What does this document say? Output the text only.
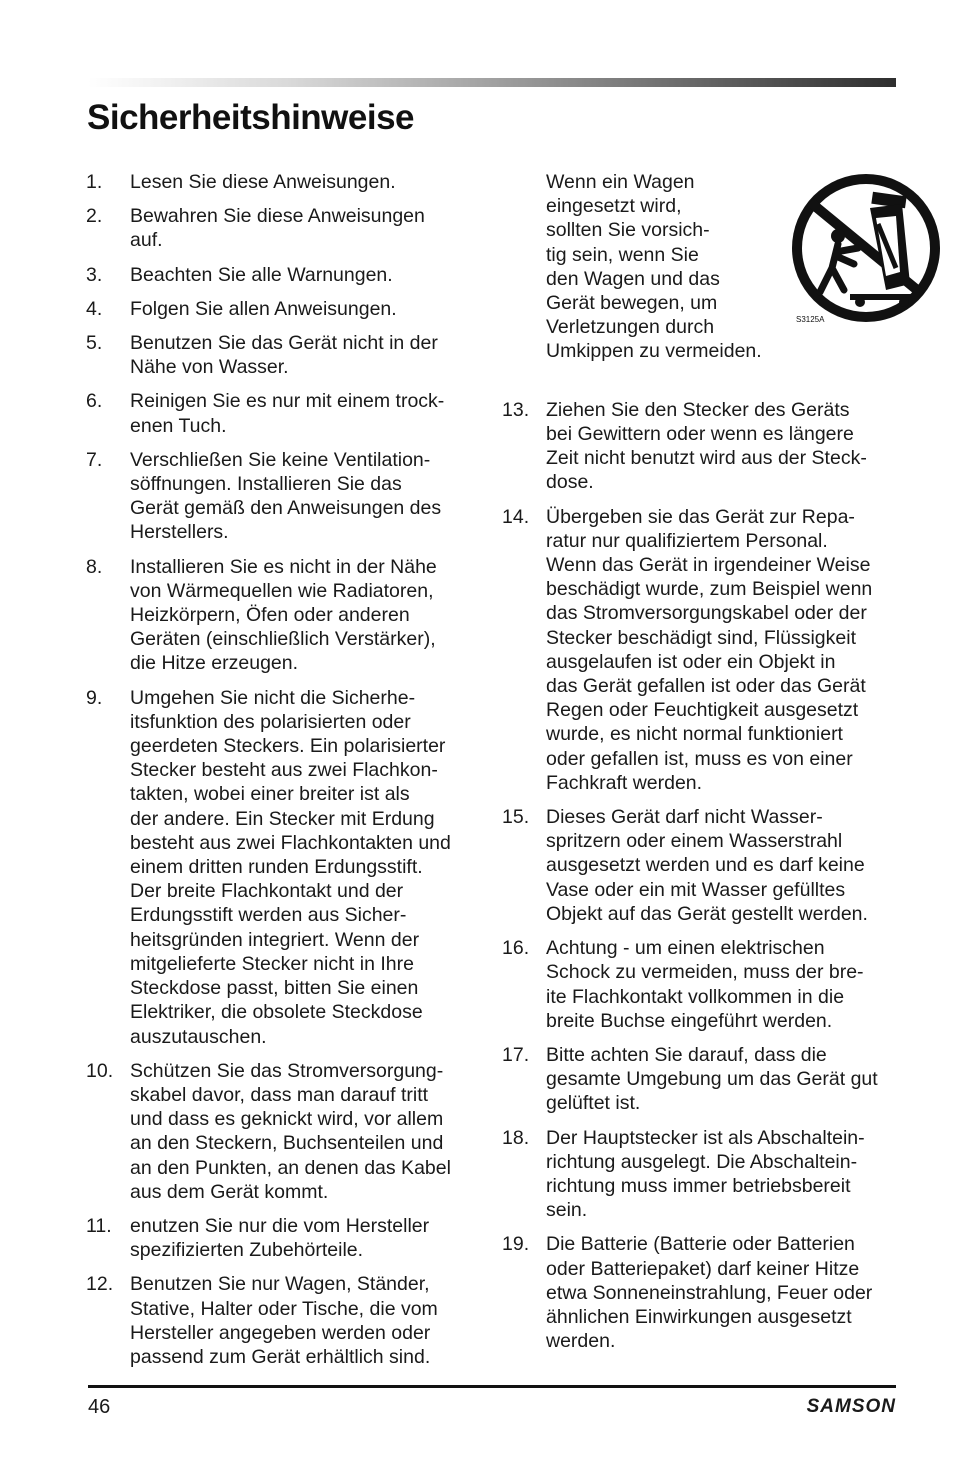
Sicherheitshinweise
1.	Lesen Sie diese Anweisungen.
2.	Bewahren Sie diese Anweisungen
auf.
3.	Beachten Sie alle Warnungen.
4.	Folgen Sie allen Anweisungen.
5.	Benutzen Sie das Gerät nicht in der
Nähe von Wasser.
6.	Reinigen Sie es nur mit einem trock-
enen Tuch.
7.	Verschließen Sie keine Ventilation-
söffnungen. Installieren Sie das
Gerät gemäß den Anweisungen des
Herstellers.
8.	Installieren Sie es nicht in der Nähe
von Wärmequellen wie Radiatoren,
Heizkörpern, Öfen oder anderen
Geräten (einschließlich Verstärker),
die Hitze erzeugen.
9.	Umgehen Sie nicht die Sicherhe-
itsfunktion des polarisierten oder
geerdeten Steckers. Ein polarisierter
Stecker besteht aus zwei Flachkon-
takten, wobei einer breiter ist als
der andere. Ein Stecker mit Erdung
besteht aus zwei Flachkontakten und
einem dritten runden Erdungsstift.
Der breite Flachkontakt und der
Erdungsstift werden aus Sicher-
heitsgründen integriert. Wenn der
mitgelieferte Stecker nicht in Ihre
Steckdose passt, bitten Sie einen
Elektriker, die obsolete Steckdose
auszutauschen.
10. Schützen Sie das Stromversorgung-
skabel davor, dass man darauf tritt
und dass es geknickt wird, vor allem
an den Steckern, Buchsenteilen und
an den Punkten, an denen das Kabel
aus dem Gerät kommt.
11. enutzen Sie nur die vom Hersteller
spezifizierten Zubehörteile.
12. Benutzen Sie nur Wagen, Ständer,
Stative, Halter oder Tische, die vom
Hersteller angegeben werden oder
passend zum Gerät erhältlich sind.
Wenn ein Wagen
eingesetzt wird,
sollten Sie vorsich-
tig sein, wenn Sie
den Wagen und das
Gerät bewegen, um
Verletzungen durch
Umkippen zu vermeiden.

S3125A

13. Ziehen Sie den Stecker des Geräts
bei Gewittern oder wenn es längere
Zeit nicht benutzt wird aus der Steck-
dose.
14. Übergeben sie das Gerät zur Repa-
ratur nur qualifiziertem Personal.
Wenn das Gerät in irgendeiner Weise
beschädigt wurde, zum Beispiel wenn
das Stromversorgungskabel oder der
Stecker beschädigt sind, Flüssigkeit
ausgelaufen ist oder ein Objekt in
das Gerät gefallen ist oder das Gerät
Regen oder Feuchtigkeit ausgesetzt
wurde, es nicht normal funktioniert
oder gefallen ist, muss es von einer
Fachkraft werden.
15. Dieses Gerät darf nicht Wasser-
spritzern oder einem Wasserstrahl
ausgesetzt werden und es darf keine
Vase oder ein mit Wasser gefülltes
Objekt auf das Gerät gestellt werden.
16. Achtung - um einen elektrischen
Schock zu vermeiden, muss der bre-
ite Flachkontakt vollkommen in die
breite Buchse eingeführt werden.
17. Bitte achten Sie darauf, dass die
gesamte Umgebung um das Gerät gut
gelüftet ist.
18. Der Hauptstecker ist als Abschaltein-
richtung ausgelegt. Die Abschaltein-
richtung muss immer betriebsbereit
sein.
19. Die Batterie (Batterie oder Batterien
oder Batteriepaket) darf keiner Hitze
etwa Sonneneinstrahlung, Feuer oder
ähnlichen Einwirkungen ausgesetzt
werden.
46	SAMSON
